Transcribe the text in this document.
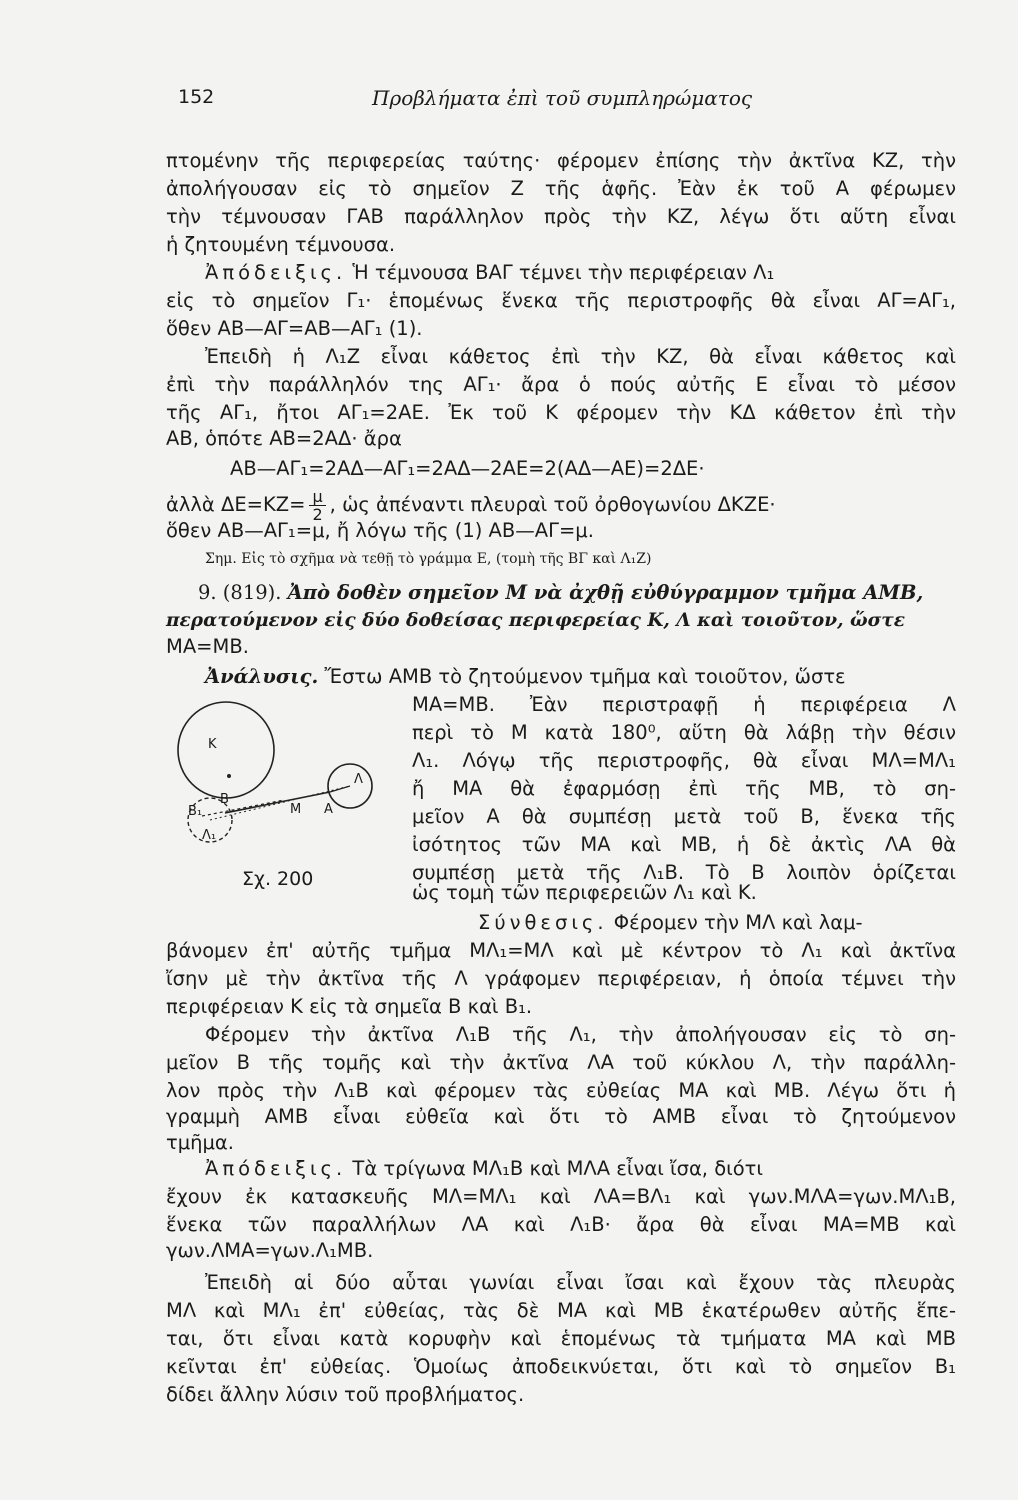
152	Προβλήματα ἐπὶ τοῦ συμπληρώματος
πτομένην τῆς περιφερείας ταύτης· φέρομεν ἐπίσης τὴν ἀκτῖνα ΚΖ, τὴν
ἀπολήγουσαν εἰς τὸ σημεῖον Ζ τῆς ἁφῆς. Ἐὰν ἐκ τοῦ Α φέρωμεν
τὴν τέμνουσαν ΓΑΒ παράλληλον πρὸς τὴν ΚΖ, λέγω ὅτι αὕτη εἶναι
ἡ ζητουμένη τέμνουσα.
Ἀπόδειξις. Ἡ τέμνουσα ΒΑΓ τέμνει τὴν περιφέρειαν Λ₁
εἰς τὸ σημεῖον Γ₁· ἑπομένως ἕνεκα τῆς περιστροφῆς θὰ εἶναι ΑΓ=ΑΓ₁,
ὅθεν ΑΒ—ΑΓ=ΑΒ—ΑΓ₁ (1).
Ἐπειδὴ ἡ Λ₁Ζ εἶναι κάθετος ἐπὶ τὴν ΚΖ, θὰ εἶναι κάθετος καὶ
ἐπὶ τὴν παράλληλόν της ΑΓ₁· ἄρα ὁ πούς αὐτῆς Ε εἶναι τὸ μέσον
τῆς ΑΓ₁, ἤτοι ΑΓ₁=2ΑΕ. Ἐκ τοῦ Κ φέρομεν τὴν ΚΔ κάθετον ἐπὶ τὴν
ΑΒ, ὁπότε ΑΒ=2ΑΔ· ἄρα
ΑΒ—ΑΓ₁=2ΑΔ—ΑΓ₁=2ΑΔ—2ΑΕ=2(ΑΔ—ΑΕ)=2ΔΕ·
ἀλλὰ $\Delta E=KZ= \frac{\mu}{2}$ , ὡς ἀπέναντι πλευραὶ τοῦ ὀρθογωνίου ΔΚΖΕ·
ὅθεν ΑΒ—ΑΓ₁=μ, ἤ λόγω τῆς (1) ΑΒ—ΑΓ=μ.
Σημ. Εἰς τὸ σχῆμα νὰ τεθῇ τὸ γράμμα Ε, (τομὴ τῆς ΒΓ καὶ Λ₁Ζ)
9. (819). Ἀπὸ δοθὲν σημεῖον Μ νὰ ἀχθῇ εὐθύγραμμον τμῆμα ΑΜΒ,
περατούμενον εἰς δύο δοθείσας περιφερείας Κ, Λ καὶ τοιοῦτον, ὥστε
ΜΑ=ΜΒ.
Ἀνάλυσις. Ἔστω ΑΜΒ τὸ ζητούμενον τμῆμα καὶ τοιοῦτον, ὥστε
ΜΑ=ΜΒ. Ἐὰν περιστραφῇ ἡ περιφέρεια Λ
περὶ τὸ Μ κατὰ 180⁰, αὕτη θὰ λάβῃ τὴν θέσιν
Λ₁. Λόγῳ τῆς περιστροφῆς, θὰ εἶναι ΜΛ=ΜΛ₁
ἤ ΜΑ θὰ ἐφαρμόσῃ ἐπὶ τῆς ΜΒ, τὸ ση-
μεῖον Α θὰ συμπέσῃ μετὰ τοῦ Β, ἕνεκα τῆς
ἰσότητος τῶν ΜΑ καὶ ΜΒ, ἡ δὲ ἀκτὶς ΛΑ θὰ
συμπέσῃ μετὰ τῆς Λ₁Β. Τὸ Β λοιπὸν ὁρίζεται
ὡς τομὴ τῶν περιφερειῶν Λ₁ καὶ Κ.
Κ
Β
Β₁
Λ
Λ₁
Μ Α
Σχ. 200
Σύνθεσις. Φέρομεν τὴν ΜΛ καὶ λαμ-
βάνομεν ἐπ' αὐτῆς τμῆμα ΜΛ₁=ΜΛ καὶ μὲ κέντρον τὸ Λ₁ καὶ ἀκτῖνα
ἴσην μὲ τὴν ἀκτῖνα τῆς Λ γράφομεν περιφέρειαν, ἡ ὁποία τέμνει τὴν
περιφέρειαν Κ εἰς τὰ σημεῖα Β καὶ Β₁.
Φέρομεν τὴν ἀκτῖνα Λ₁Β τῆς Λ₁, τὴν ἀπολήγουσαν εἰς τὸ ση-
μεῖον Β τῆς τομῆς καὶ τὴν ἀκτῖνα ΛΑ τοῦ κύκλου Λ, τὴν παράλλη-
λον πρὸς τὴν Λ₁Β καὶ φέρομεν τὰς εὐθείας ΜΑ καὶ ΜΒ. Λέγω ὅτι ἡ
γραμμὴ ΑΜΒ εἶναι εὐθεῖα καὶ ὅτι τὸ ΑΜΒ εἶναι τὸ ζητούμενον
τμῆμα.
Ἀπόδειξις. Τὰ τρίγωνα ΜΛ₁Β καὶ ΜΛΑ εἶναι ἴσα, διότι
ἔχουν ἐκ κατασκευῆς ΜΛ=ΜΛ₁ καὶ ΛΑ=ΒΛ₁ καὶ γων.ΜΛΑ=γων.ΜΛ₁Β,
ἕνεκα τῶν παραλλήλων ΛΑ καὶ Λ₁Β· ἄρα θὰ εἶναι ΜΑ=ΜΒ καὶ
γων.ΛΜΑ=γων.Λ₁ΜΒ.
Ἐπειδὴ αἱ δύο αὗται γωνίαι εἶναι ἴσαι καὶ ἔχουν τὰς πλευρὰς
ΜΛ καὶ ΜΛ₁ ἐπ' εὐθείας, τὰς δὲ ΜΑ καὶ ΜΒ ἑκατέρωθεν αὐτῆς ἕπε-
ται, ὅτι εἶναι κατὰ κορυφὴν καὶ ἑπομένως τὰ τμήματα ΜΑ καὶ ΜΒ
κεῖνται ἐπ' εὐθείας. Ὁμοίως ἀποδεικνύεται, ὅτι καὶ τὸ σημεῖον Β₁
δίδει ἄλλην λύσιν τοῦ προβλήματος.
